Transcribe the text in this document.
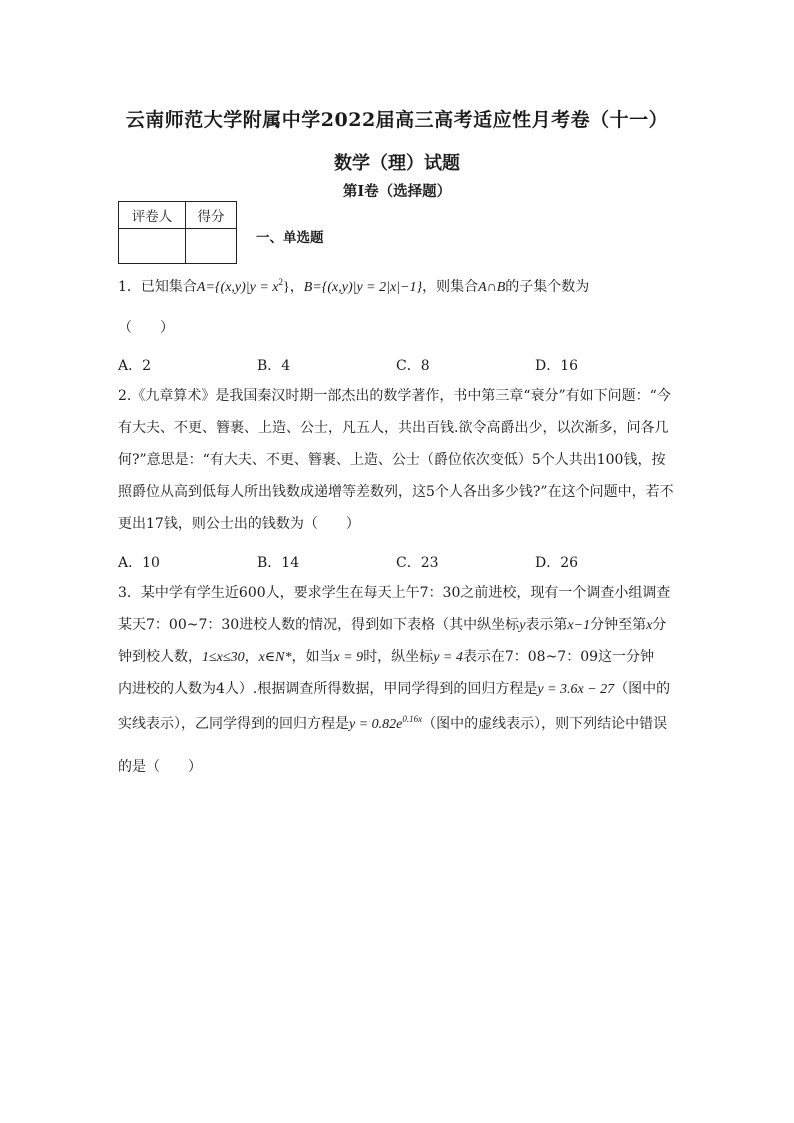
云南师范大学附属中学2022届高三高考适应性月考卷（十一）
数学（理）试题
第I卷（选择题）
评卷人	得分

一、单选题
1．已知集合$A=\{(x,y)|y = x^2\}$，B={(x,y)|y = 2|x|−1}，则集合A∩B的子集个数为
（　　）
A．2	B．4	C．8	D．16
2.《九章算术》是我国秦汉时期一部杰出的数学著作，书中第三章“衰分”有如下问题：“今
有大夫、不更、簪裹、上造、公士，凡五人，共出百钱.欲令高爵出少，以次渐多，问各几
何?”意思是：“有大夫、不更、簪裹、上造、公士（爵位依次变低）5个人共出100钱，按
照爵位从高到低每人所出钱数成递增等差数列，这5个人各出多少钱?”在这个问题中，若不
更出17钱，则公士出的钱数为（　　）
A．10	B．14	C．23	D．26
3．某中学有学生近600人，要求学生在每天上午7：30之前进校，现有一个调查小组调查
某天7：00~7：30进校人数的情况，得到如下表格（其中纵坐标y表示第x−1分钟至第x分
钟到校人数，1≤x≤30，x∈N*，如当x = 9时，纵坐标y = 4表示在7：08~7：09这一分钟
内进校的人数为4人）.根据调查所得数据，甲同学得到的回归方程是y = 3.6x − 27（图中的
实线表示），乙同学得到的回归方程是$y = 0.82e^{0.16x}$（图中的虚线表示），则下列结论中错误
的是（　　）
